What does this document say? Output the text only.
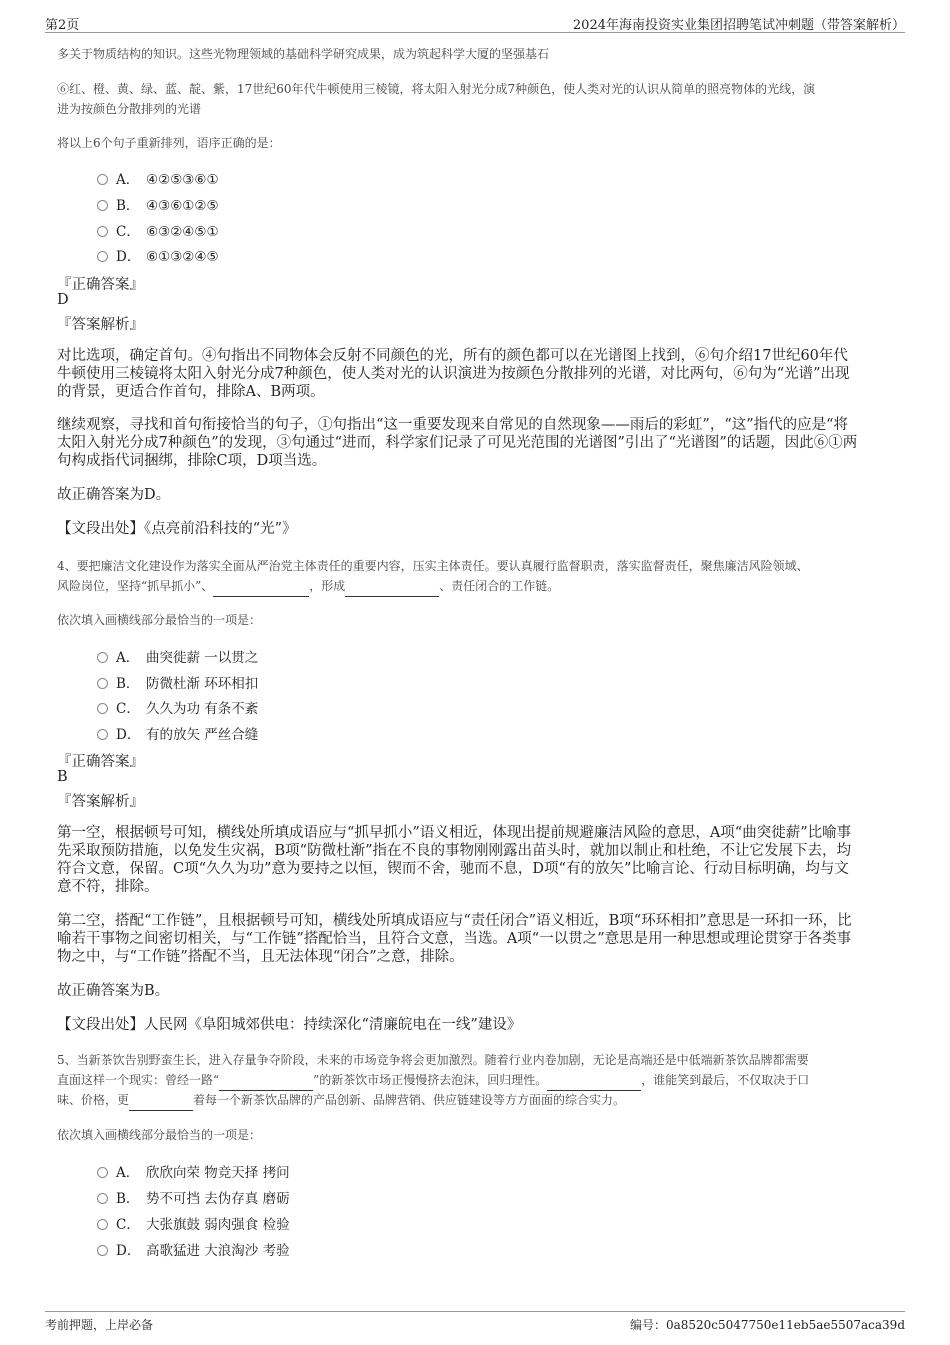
第2页	2024年海南投资实业集团招聘笔试冲刺题（带答案解析）

多关于物质结构的知识。这些光物理领域的基础科学研究成果，成为筑起科学大厦的坚强基石

⑥红、橙、黄、绿、蓝、靛、紫，17世纪60年代牛顿使用三棱镜，将太阳入射光分成7种颜色，使人类对光的认识从简单的照亮物体的光线，演

进为按颜色分散排列的光谱

将以上6个句子重新排列，语序正确的是：

A． ④②⑤③⑥①
B． ④③⑥①②⑤
C． ⑥③②④⑤①
D． ⑥①③②④⑤
『正确答案』
D
『答案解析』

对比选项，确定首句。④句指出不同物体会反射不同颜色的光，所有的颜色都可以在光谱图上找到，⑥句介绍17世纪60年代

牛顿使用三棱镜将太阳入射光分成7种颜色，使人类对光的认识演进为按颜色分散排列的光谱，对比两句，⑥句为“光谱”出现

的背景，更适合作首句，排除A、B两项。

继续观察，寻找和首句衔接恰当的句子，①句指出“这一重要发现来自常见的自然现象——雨后的彩虹”，“这”指代的应是“将

太阳入射光分成7种颜色”的发现，③句通过“进而，科学家们记录了可见光范围的光谱图”引出了“光谱图”的话题，因此⑥①两

句构成指代词捆绑，排除C项，D项当选。

故正确答案为D。

【文段出处】《点亮前沿科技的“光”》

4、要把廉洁文化建设作为落实全面从严治党主体责任的重要内容，压实主体责任。要认真履行监督职责，落实监督责任，聚焦廉洁风险领域、

风险岗位，坚持“抓早抓小”、	，形成	、责任闭合的工作链。

依次填入画横线部分最恰当的一项是：

A． 曲突徙薪 一以贯之
B． 防微杜渐 环环相扣
C． 久久为功 有条不紊
D． 有的放矢 严丝合缝
『正确答案』
B
『答案解析』

第一空，根据顿号可知，横线处所填成语应与“抓早抓小”语义相近，体现出提前规避廉洁风险的意思，A项“曲突徙薪”比喻事

先采取预防措施，以免发生灾祸，B项“防微杜渐”指在不良的事物刚刚露出苗头时，就加以制止和杜绝，不让它发展下去，均

符合文意，保留。C项“久久为功”意为要持之以恒，锲而不舍，驰而不息，D项“有的放矢”比喻言论、行动目标明确，均与文

意不符，排除。

第二空，搭配“工作链”，且根据顿号可知，横线处所填成语应与“责任闭合”语义相近，B项“环环相扣”意思是一环扣一环，比

喻若干事物之间密切相关，与“工作链”搭配恰当，且符合文意，当选。A项“一以贯之”意思是用一种思想或理论贯穿于各类事

物之中，与“工作链”搭配不当，且无法体现“闭合”之意，排除。

故正确答案为B。

【文段出处】人民网《阜阳城郊供电：持续深化“清廉皖电在一线”建设》

5、当新茶饮告别野蛮生长，进入存量争夺阶段，未来的市场竞争将会更加激烈。随着行业内卷加剧，无论是高端还是中低端新茶饮品牌都需要

直面这样一个现实：曾经一路“	”的新茶饮市场正慢慢挤去泡沫，回归理性。	，谁能笑到最后，不仅取决于口

味、价格，更	着每一个新茶饮品牌的产品创新、品牌营销、供应链建设等方方面面的综合实力。

依次填入画横线部分最恰当的一项是：

A． 欣欣向荣 物竞天择 拷问
B． 势不可挡 去伪存真 磨砺
C． 大张旗鼓 弱肉强食 检验
D． 高歌猛进 大浪淘沙 考验
考前押题，上岸必备	编号：0a8520c5047750e11eb5ae5507aca39d
